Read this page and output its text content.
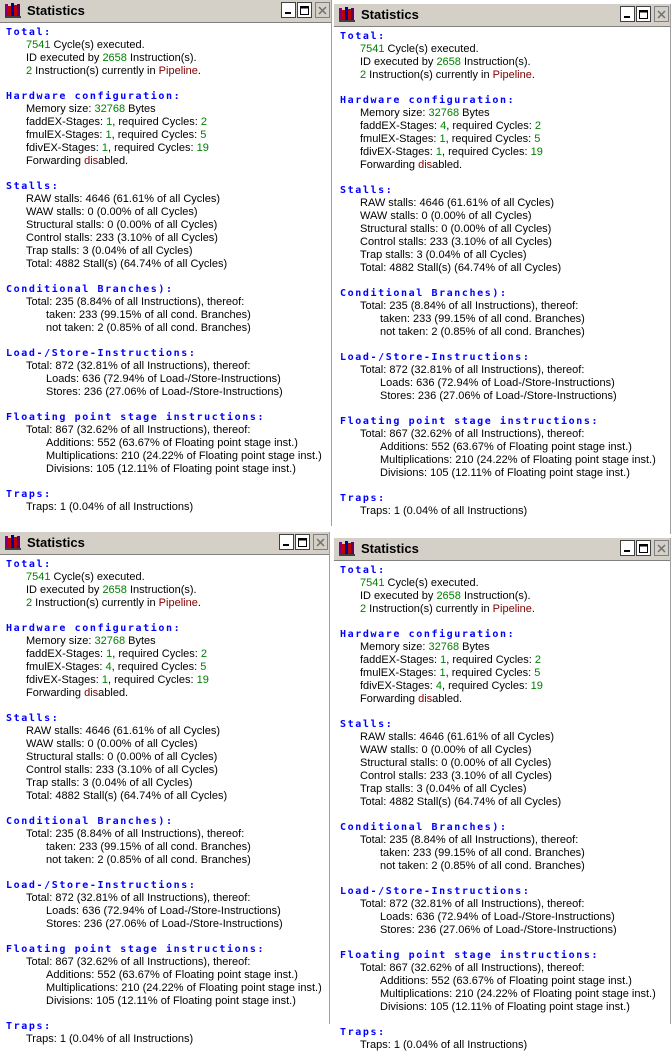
Statistics
Total:
7541 Cycle(s) executed.
ID executed by 2658 Instruction(s).
2 Instruction(s) currently in Pipeline.
Hardware configuration:
Memory size: 32768 Bytes
faddEX-Stages: 1, required Cycles: 2
fmulEX-Stages: 1, required Cycles: 5
fdivEX-Stages: 1, required Cycles: 19
Forwarding disabled.
Stalls:
RAW stalls: 4646 (61.61% of all Cycles)
WAW stalls: 0 (0.00% of all Cycles)
Structural stalls: 0 (0.00% of all Cycles)
Control stalls: 233 (3.10% of all Cycles)
Trap stalls: 3 (0.04% of all Cycles)
Total: 4882 Stall(s) (64.74% of all Cycles)
Conditional Branches):
Total: 235 (8.84% of all Instructions), thereof:
taken: 233 (99.15% of all cond. Branches)
not taken: 2 (0.85% of all cond. Branches)
Load-/Store-Instructions:
Total: 872 (32.81% of all Instructions), thereof:
Loads: 636 (72.94% of Load-/Store-Instructions)
Stores: 236 (27.06% of Load-/Store-Instructions)
Floating point stage instructions:
Total: 867 (32.62% of all Instructions), thereof:
Additions: 552 (63.67% of Floating point stage inst.)
Multiplications: 210 (24.22% of Floating point stage inst.)
Divisions: 105 (12.11% of Floating point stage inst.)
Traps:
Traps: 1 (0.04% of all Instructions)
Statistics
Total:
7541 Cycle(s) executed.
ID executed by 2658 Instruction(s).
2 Instruction(s) currently in Pipeline.
Hardware configuration:
Memory size: 32768 Bytes
faddEX-Stages: 4, required Cycles: 2
fmulEX-Stages: 1, required Cycles: 5
fdivEX-Stages: 1, required Cycles: 19
Forwarding disabled.
Stalls:
RAW stalls: 4646 (61.61% of all Cycles)
WAW stalls: 0 (0.00% of all Cycles)
Structural stalls: 0 (0.00% of all Cycles)
Control stalls: 233 (3.10% of all Cycles)
Trap stalls: 3 (0.04% of all Cycles)
Total: 4882 Stall(s) (64.74% of all Cycles)
Conditional Branches):
Total: 235 (8.84% of all Instructions), thereof:
taken: 233 (99.15% of all cond. Branches)
not taken: 2 (0.85% of all cond. Branches)
Load-/Store-Instructions:
Total: 872 (32.81% of all Instructions), thereof:
Loads: 636 (72.94% of Load-/Store-Instructions)
Stores: 236 (27.06% of Load-/Store-Instructions)
Floating point stage instructions:
Total: 867 (32.62% of all Instructions), thereof:
Additions: 552 (63.67% of Floating point stage inst.)
Multiplications: 210 (24.22% of Floating point stage inst.)
Divisions: 105 (12.11% of Floating point stage inst.)
Traps:
Traps: 1 (0.04% of all Instructions)
Statistics
Total:
7541 Cycle(s) executed.
ID executed by 2658 Instruction(s).
2 Instruction(s) currently in Pipeline.
Hardware configuration:
Memory size: 32768 Bytes
faddEX-Stages: 1, required Cycles: 2
fmulEX-Stages: 4, required Cycles: 5
fdivEX-Stages: 1, required Cycles: 19
Forwarding disabled.
Stalls:
RAW stalls: 4646 (61.61% of all Cycles)
WAW stalls: 0 (0.00% of all Cycles)
Structural stalls: 0 (0.00% of all Cycles)
Control stalls: 233 (3.10% of all Cycles)
Trap stalls: 3 (0.04% of all Cycles)
Total: 4882 Stall(s) (64.74% of all Cycles)
Conditional Branches):
Total: 235 (8.84% of all Instructions), thereof:
taken: 233 (99.15% of all cond. Branches)
not taken: 2 (0.85% of all cond. Branches)
Load-/Store-Instructions:
Total: 872 (32.81% of all Instructions), thereof:
Loads: 636 (72.94% of Load-/Store-Instructions)
Stores: 236 (27.06% of Load-/Store-Instructions)
Floating point stage instructions:
Total: 867 (32.62% of all Instructions), thereof:
Additions: 552 (63.67% of Floating point stage inst.)
Multiplications: 210 (24.22% of Floating point stage inst.)
Divisions: 105 (12.11% of Floating point stage inst.)
Traps:
Traps: 1 (0.04% of all Instructions)
Statistics
Total:
7541 Cycle(s) executed.
ID executed by 2658 Instruction(s).
2 Instruction(s) currently in Pipeline.
Hardware configuration:
Memory size: 32768 Bytes
faddEX-Stages: 1, required Cycles: 2
fmulEX-Stages: 1, required Cycles: 5
fdivEX-Stages: 4, required Cycles: 19
Forwarding disabled.
Stalls:
RAW stalls: 4646 (61.61% of all Cycles)
WAW stalls: 0 (0.00% of all Cycles)
Structural stalls: 0 (0.00% of all Cycles)
Control stalls: 233 (3.10% of all Cycles)
Trap stalls: 3 (0.04% of all Cycles)
Total: 4882 Stall(s) (64.74% of all Cycles)
Conditional Branches):
Total: 235 (8.84% of all Instructions), thereof:
taken: 233 (99.15% of all cond. Branches)
not taken: 2 (0.85% of all cond. Branches)
Load-/Store-Instructions:
Total: 872 (32.81% of all Instructions), thereof:
Loads: 636 (72.94% of Load-/Store-Instructions)
Stores: 236 (27.06% of Load-/Store-Instructions)
Floating point stage instructions:
Total: 867 (32.62% of all Instructions), thereof:
Additions: 552 (63.67% of Floating point stage inst.)
Multiplications: 210 (24.22% of Floating point stage inst.)
Divisions: 105 (12.11% of Floating point stage inst.)
Traps:
Traps: 1 (0.04% of all Instructions)
